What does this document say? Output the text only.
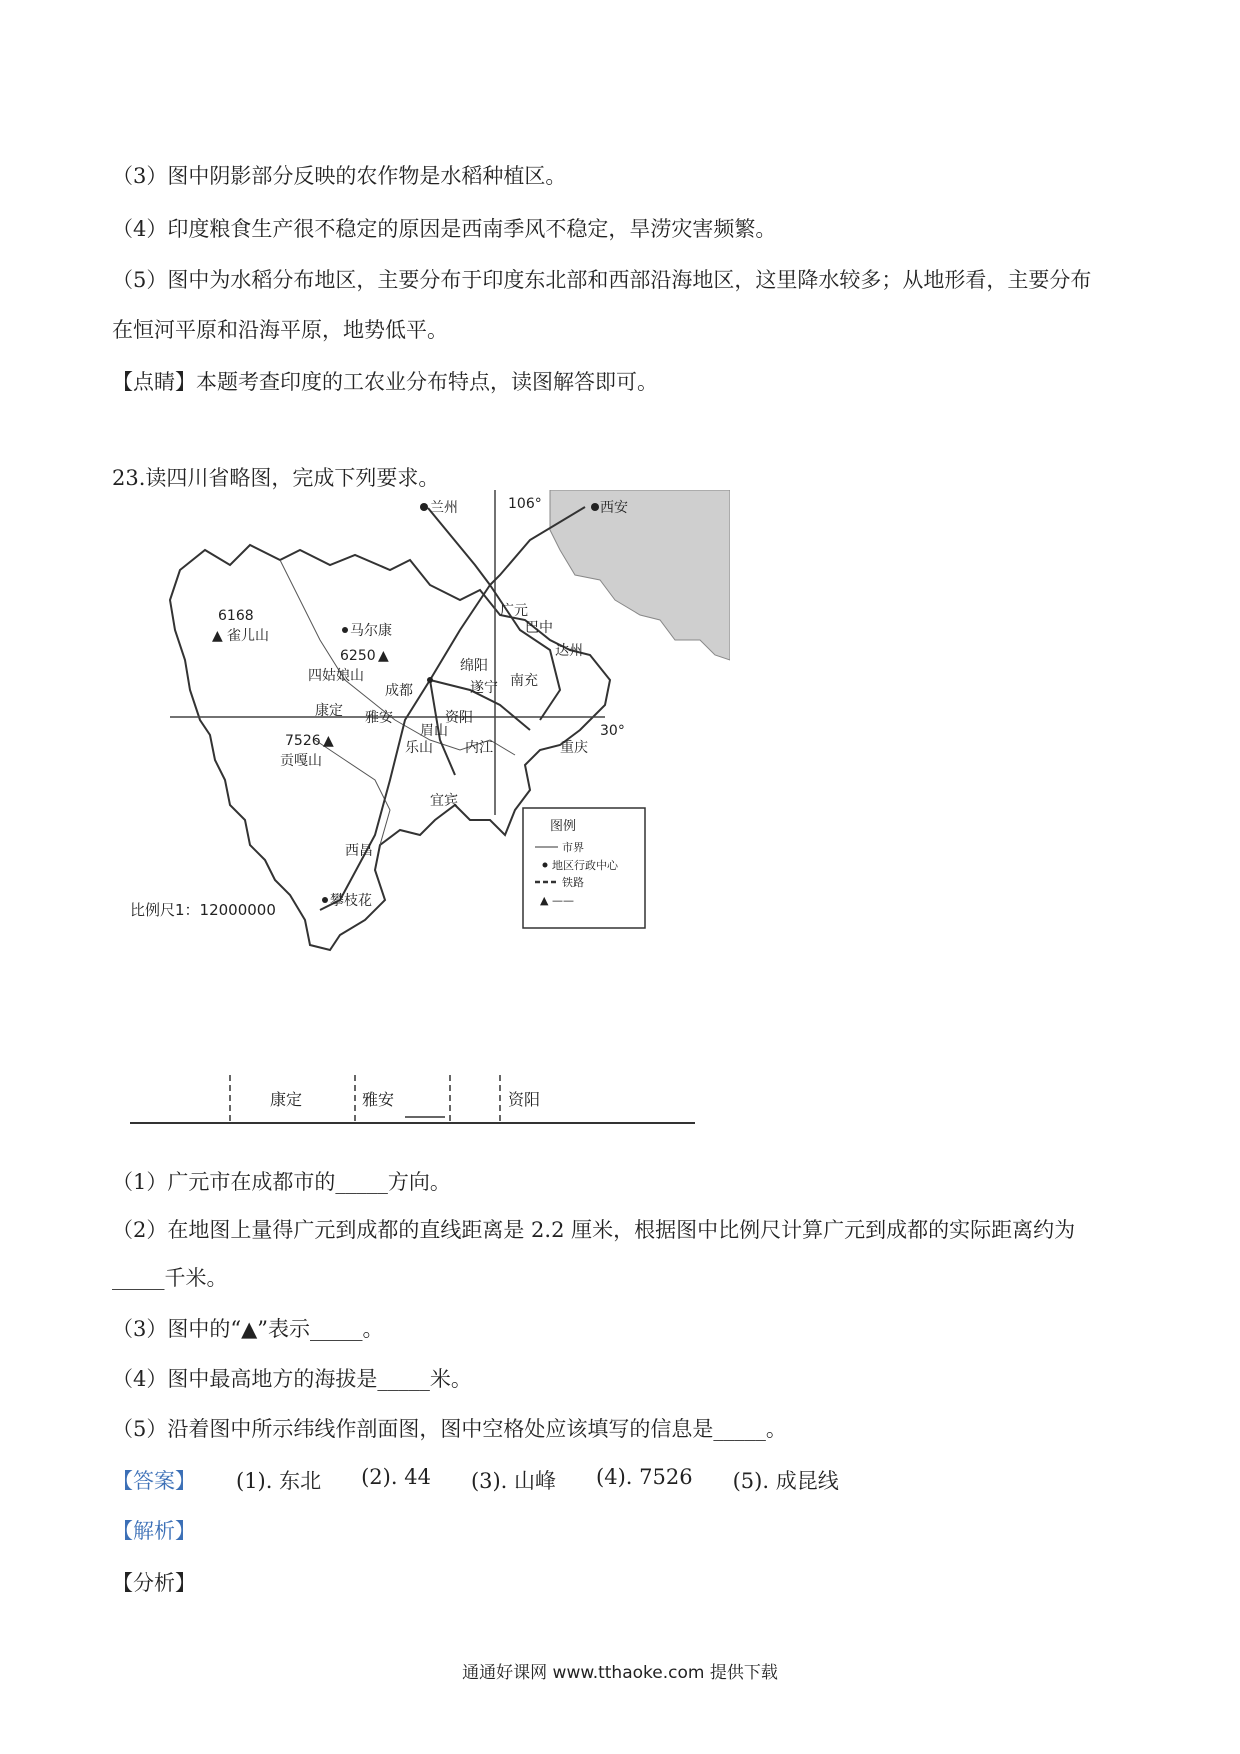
（3）图中阴影部分反映的农作物是水稻种植区。
（4）印度粮食生产很不稳定的原因是西南季风不稳定，旱涝灾害频繁。
（5）图中为水稻分布地区，主要分布于印度东北部和西部沿海地区，这里降水较多；从地形看，主要分布
在恒河平原和沿海平原，地势低平。
【点睛】本题考查印度的工农业分布特点，读图解答即可。
23.读四川省略图，完成下列要求。
106°
30°
兰州	西安
马尔康
成都
雅安
康定
西昌
攀枝花
宜宾
重庆
广元
巴中
达州
绵阳
遂宁 南充
内江
资阳
乐山
眉山
6168
▲ 雀儿山
6250 ▲
四姑娘山
7526 ▲
贡嘎山
比例尺1：12000000
图例
市界
地区行政中心
铁路
▲ ——
康定	雅安	资阳
（1）广元市在成都市的_____方向。
（2）在地图上量得广元到成都的直线距离是 2.2 厘米，根据图中比例尺计算广元到成都的实际距离约为
_____千米。
（3）图中的“▲”表示_____。
（4）图中最高地方的海拔是_____米。
（5）沿着图中所示纬线作剖面图，图中空格处应该填写的信息是_____。
【答案】 (1). 东北 (2). 44 (3). 山峰 (4). 7526 (5). 成昆线
【解析】
【分析】
通通好课网 www.tthaoke.com 提供下载
